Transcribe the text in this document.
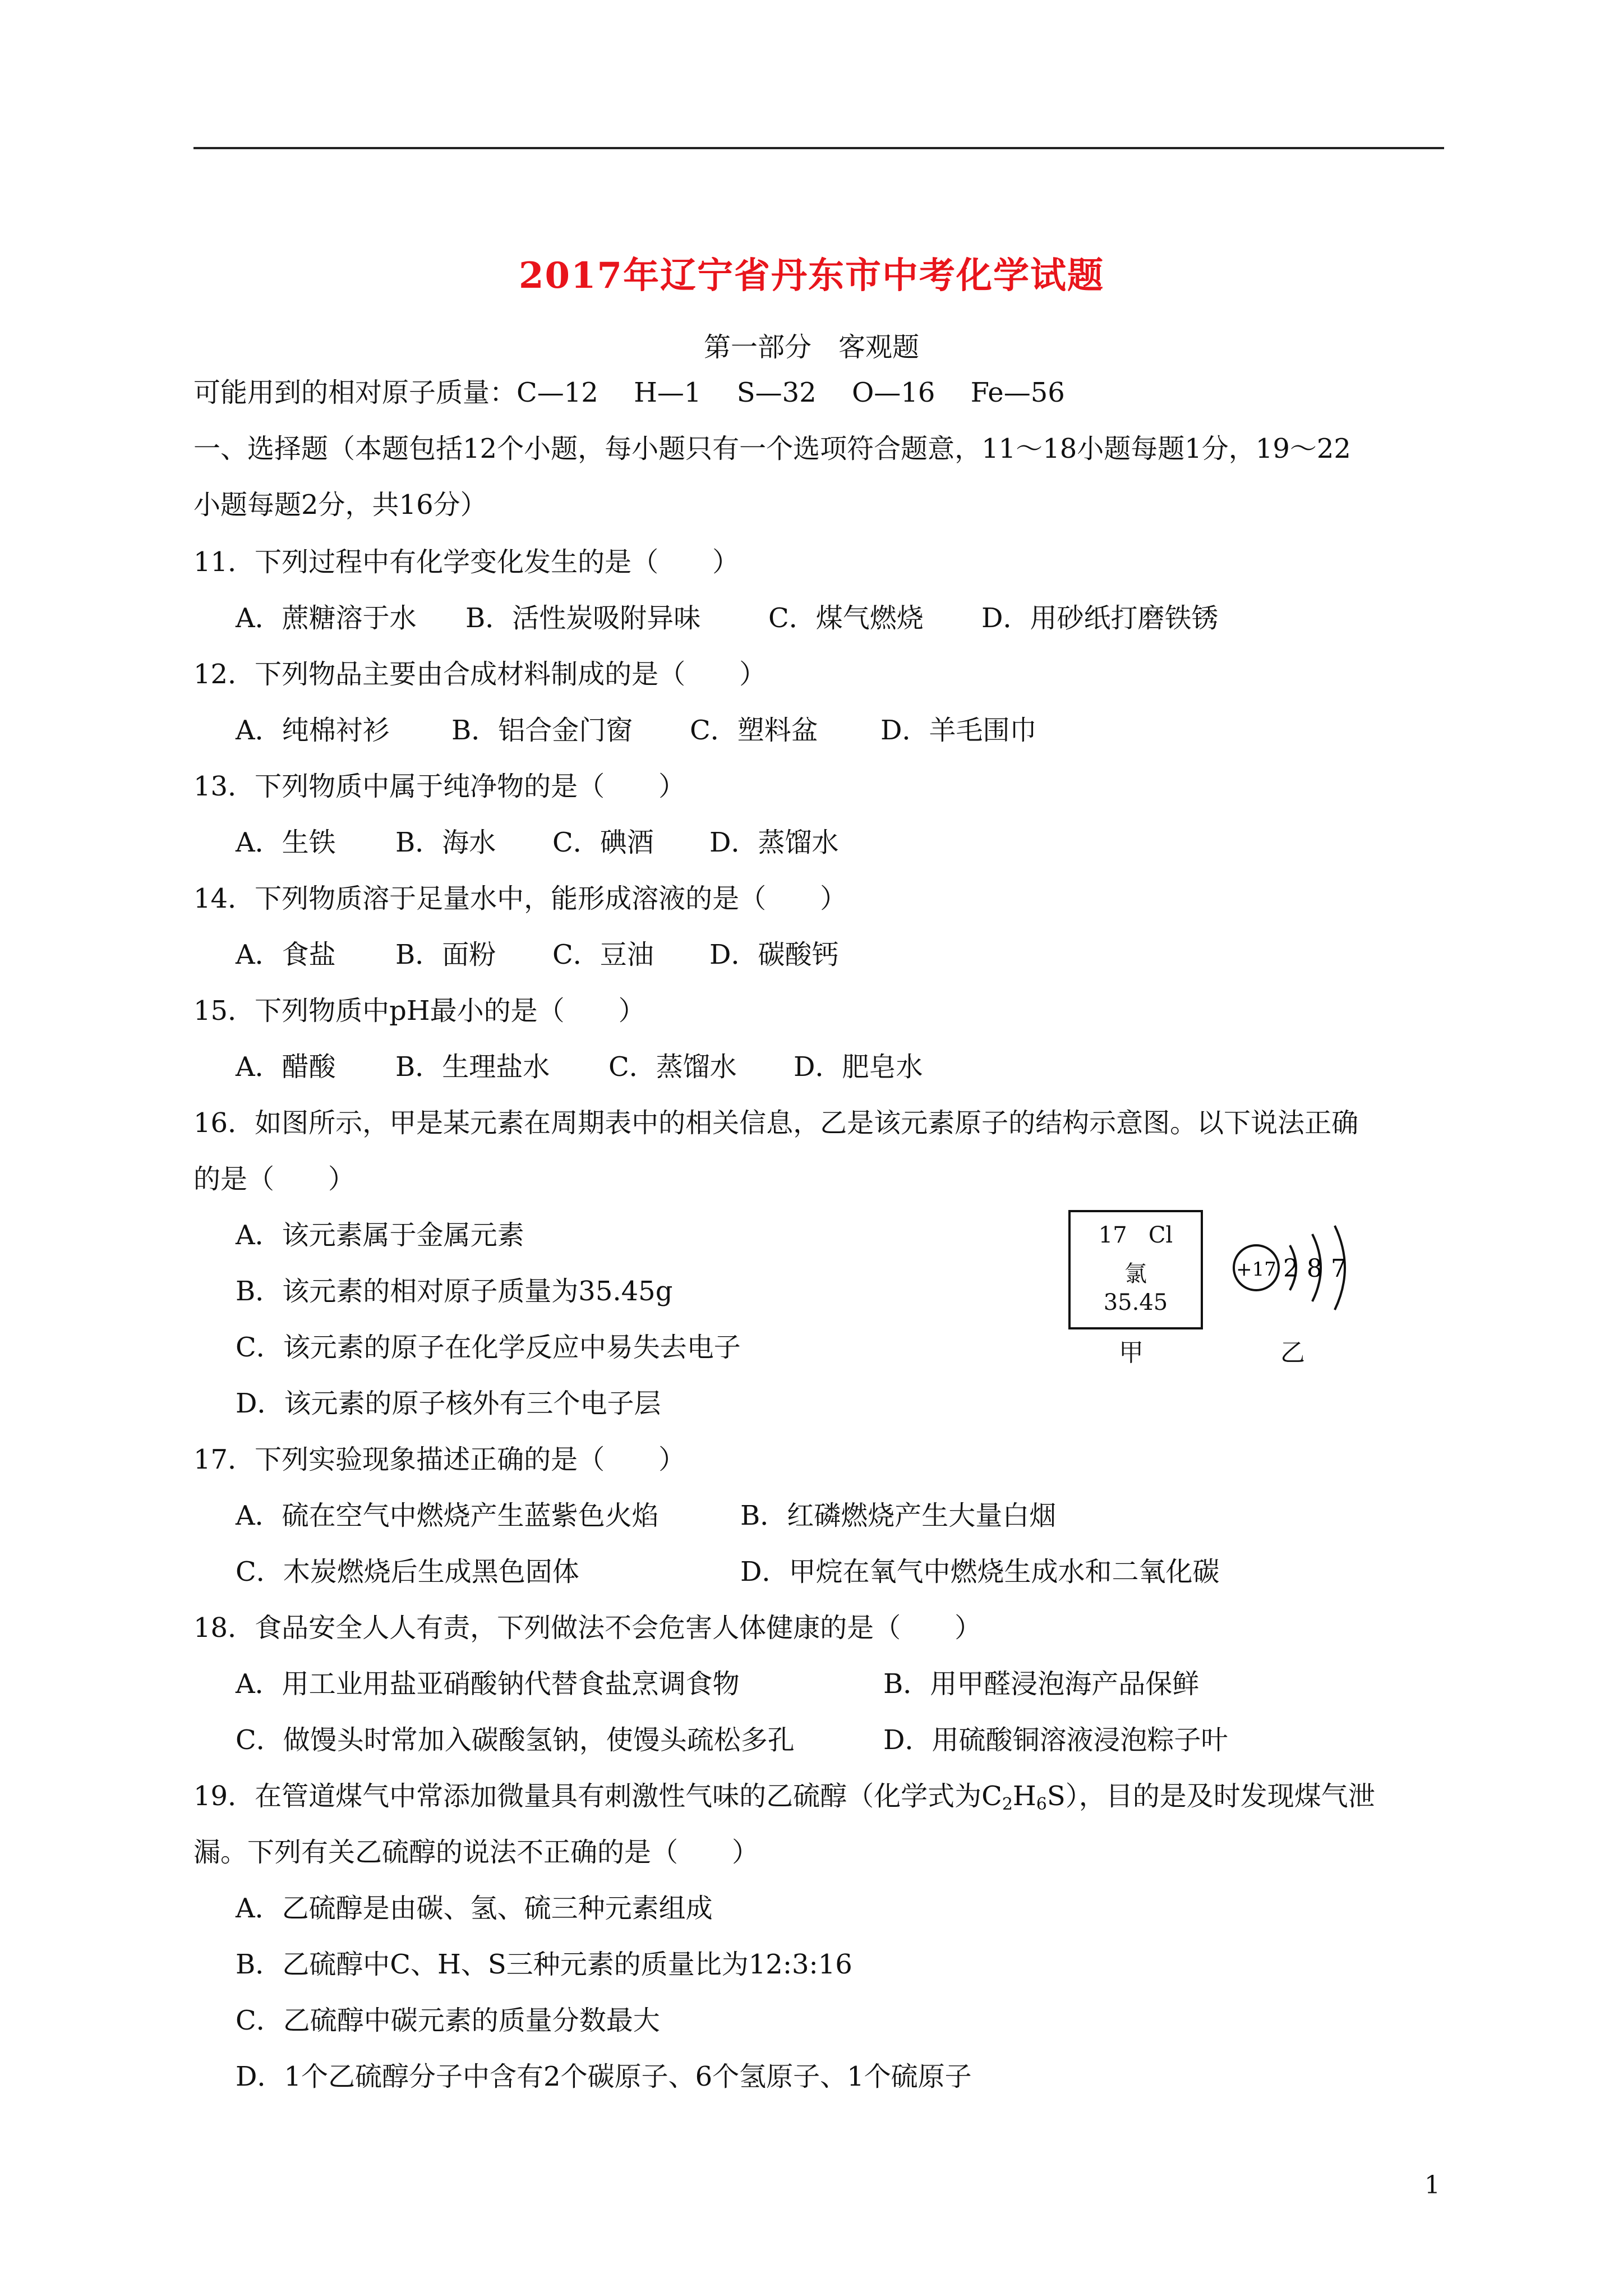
2017年辽宁省丹东市中考化学试题
第一部分　客观题
可能用到的相对原子质量：C—12　 H—1　 S—32　 O—16　 Fe—56
一、选择题（本题包括12个小题，每小题只有一个选项符合题意，11～18小题每题1分，19～22
小题每题2分，共16分）
11．下列过程中有化学变化发生的是（　　）
A．蔗糖溶于水 B．活性炭吸附异味	C．煤气燃烧 D．用砂纸打磨铁锈
12．下列物品主要由合成材料制成的是（　　）
A．纯棉衬衫 B．铝合金门窗 C．塑料盆 D．羊毛围巾
13．下列物质中属于纯净物的是（　　）
A．生铁 B．海水 C．碘酒 D．蒸馏水
14．下列物质溶于足量水中，能形成溶液的是（　　）
A．食盐 B．面粉 C．豆油 D．碳酸钙
15．下列物质中pH最小的是（　　）
A．醋酸 B．生理盐水 C．蒸馏水 D．肥皂水
16．如图所示，甲是某元素在周期表中的相关信息，乙是该元素原子的结构示意图。以下说法正确
的是（　　）
A．该元素属于金属元素
B．该元素的相对原子质量为35.45g
C．该元素的原子在化学反应中易失去电子
D．该元素的原子核外有三个电子层
17 Cl
氯
35.45
甲
+17 2 8 7
乙
17．下列实验现象描述正确的是（　　）
A．硫在空气中燃烧产生蓝紫色火焰	B．红磷燃烧产生大量白烟
C．木炭燃烧后生成黑色固体	D．甲烷在氧气中燃烧生成水和二氧化碳
18．食品安全人人有责，下列做法不会危害人体健康的是（　　）
A．用工业用盐亚硝酸钠代替食盐烹调食物	B．用甲醛浸泡海产品保鲜
C．做馒头时常加入碳酸氢钠，使馒头疏松多孔	D．用硫酸铜溶液浸泡粽子叶
19．在管道煤气中常添加微量具有刺激性气味的乙硫醇（化学式为$C_2H_6S$），目的是及时发现煤气泄
漏。下列有关乙硫醇的说法不正确的是（　　）
A．乙硫醇是由碳、氢、硫三种元素组成
B．乙硫醇中C、H、S三种元素的质量比为12:3:16
C．乙硫醇中碳元素的质量分数最大
D．1个乙硫醇分子中含有2个碳原子、6个氢原子、1个硫原子
1
